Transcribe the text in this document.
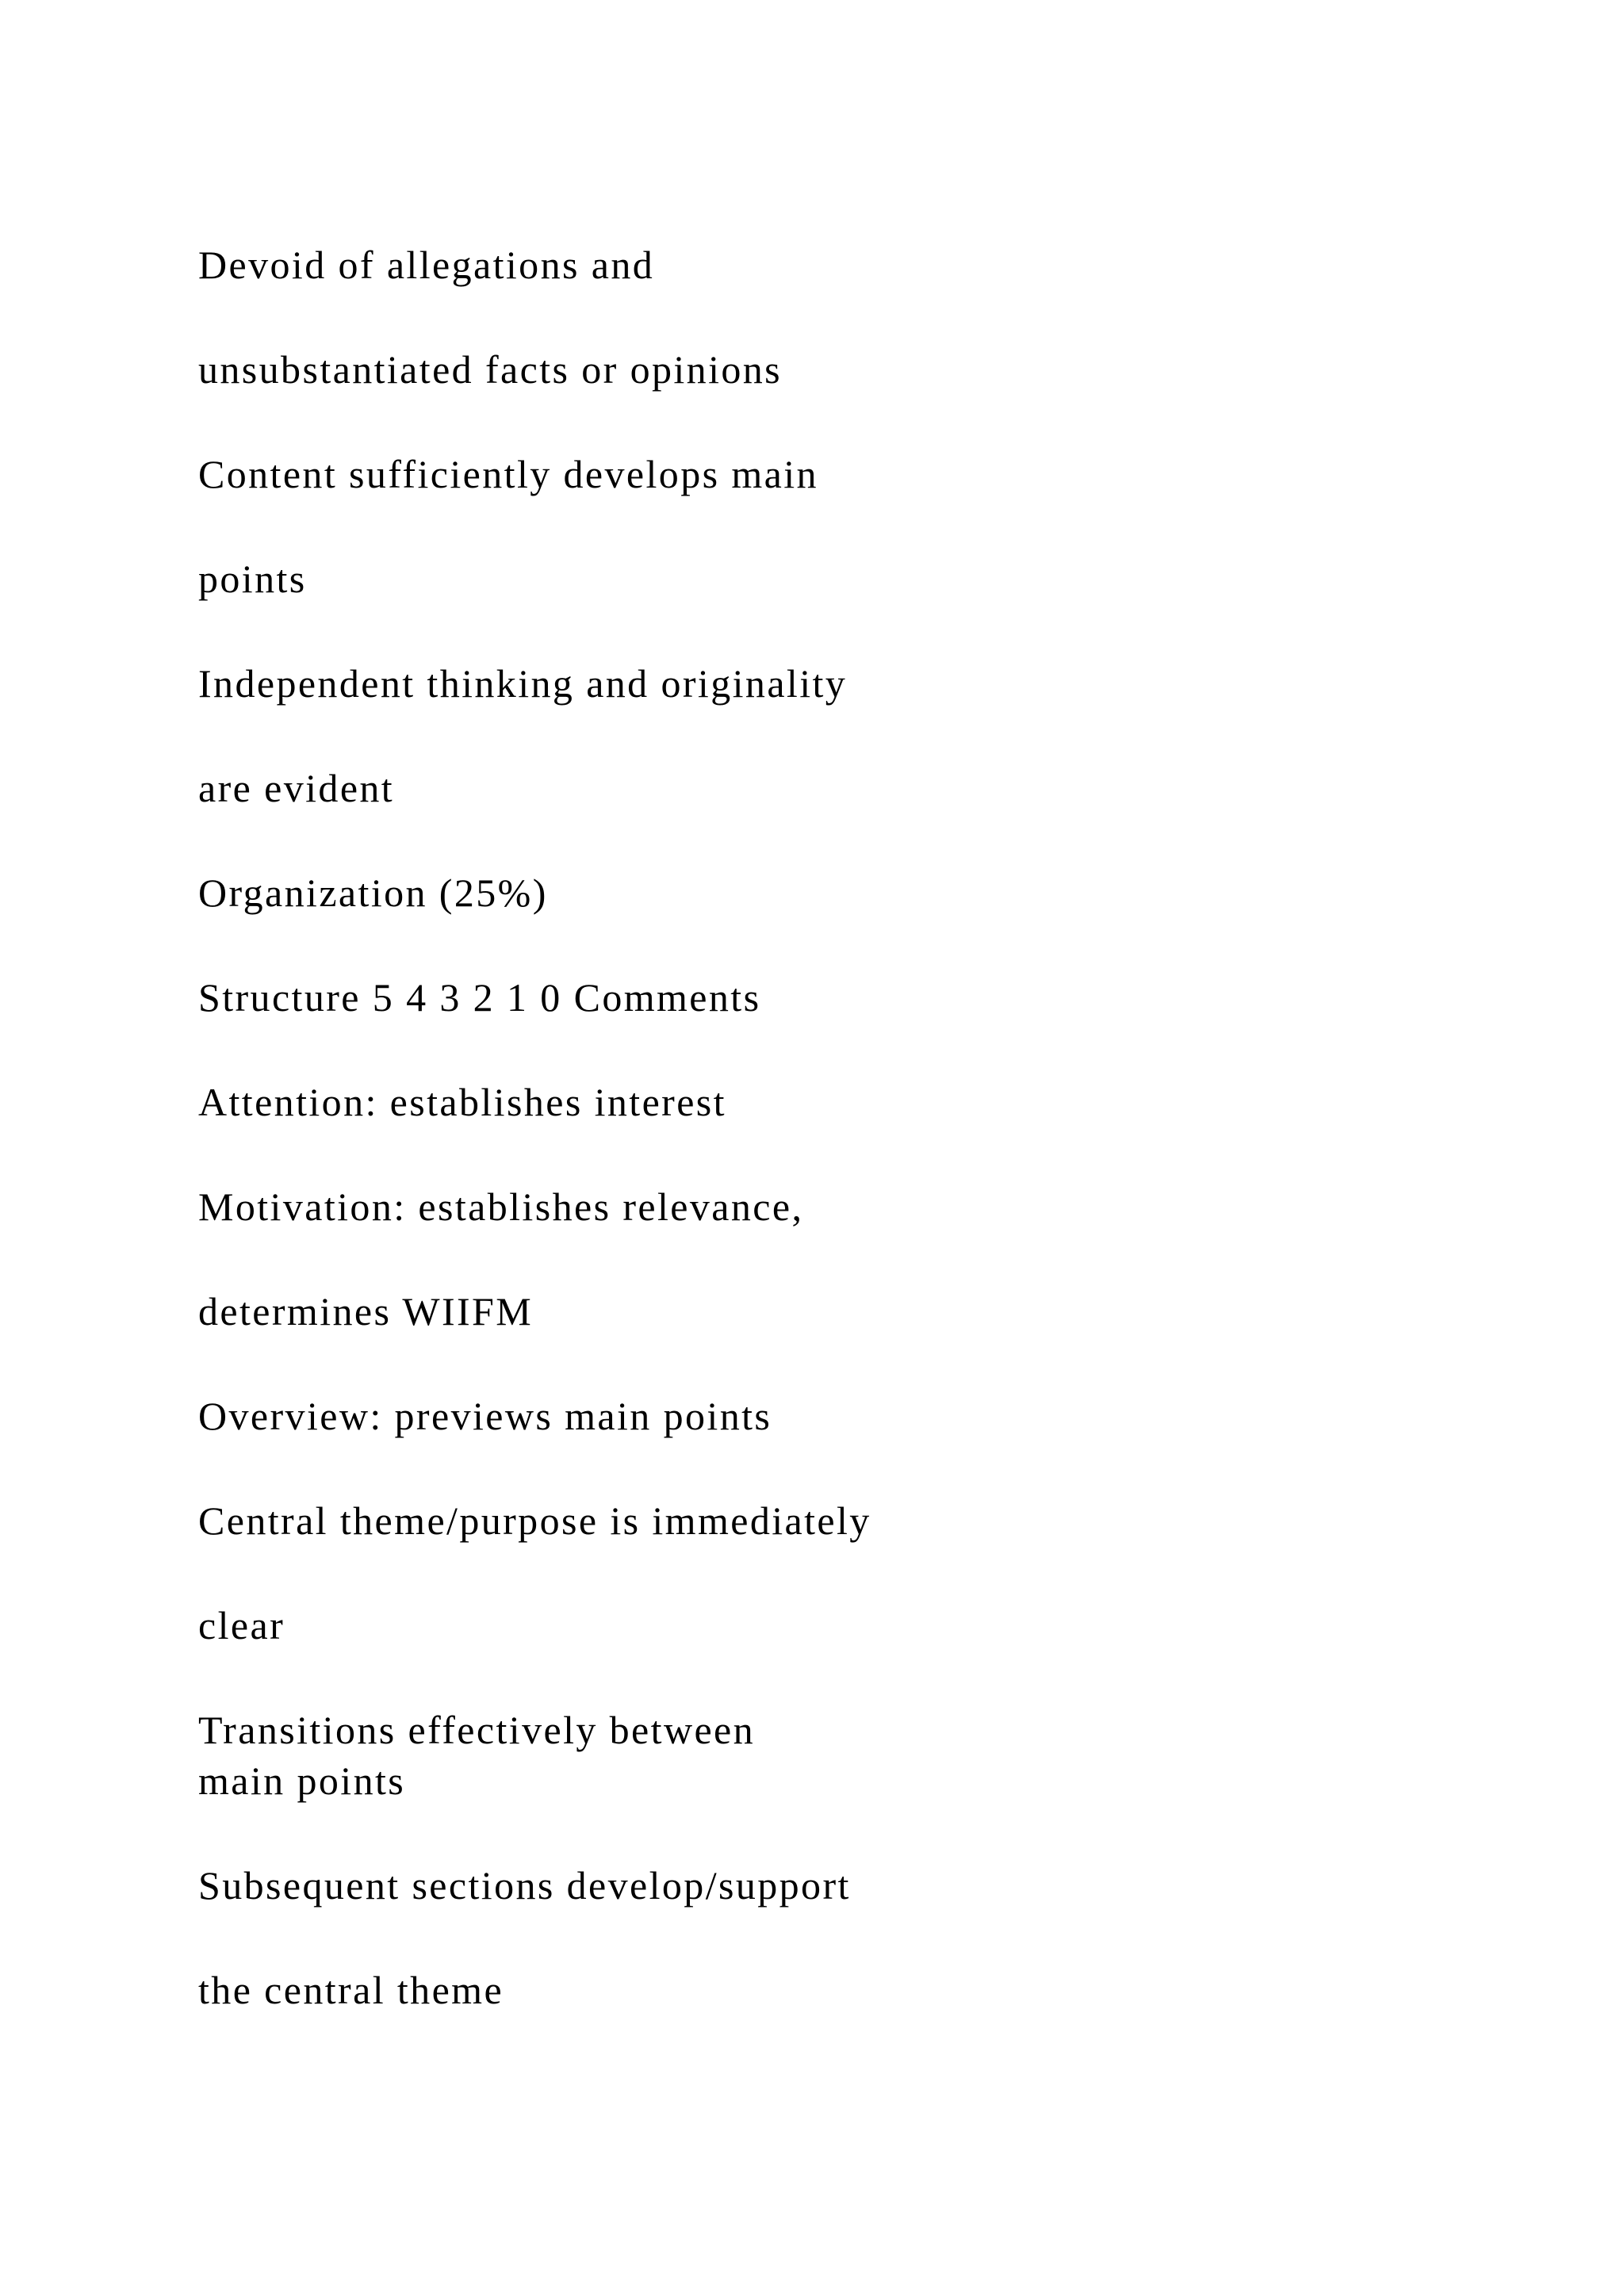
Devoid of allegations and
unsubstantiated facts or opinions
Content sufficiently develops main
points
Independent thinking and originality
are evident
Organization (25%)
Structure 5 4 3 2 1 0 Comments
Attention: establishes interest
Motivation: establishes relevance,
determines WIIFM
Overview: previews main points
Central theme/purpose is immediately
clear
Transitions effectively between
main points
Subsequent sections develop/support
the central theme
